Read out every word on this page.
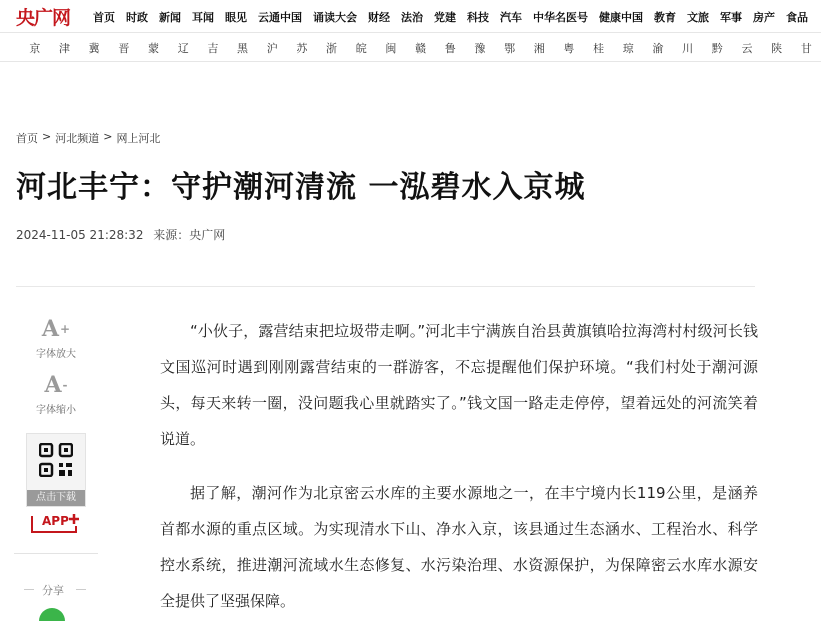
央广网 首页 时政 新闻 耳闻 眼见 云通中国 诵读大会 财经 法治 党建 科技 汽车 中华名医号 健康中国 教育 文旅 军事 房产 食品
京	津	冀	晋	蒙	辽	吉	黑	沪	苏	浙	皖	闽	赣	鲁	豫	鄂	湘	粤	桂	琼	渝	川	黔	云	陕	甘
首页 > 河北频道 > 网上河北
河北丰宁：守护潮河清流 一泓碧水入京城
2024-11-05 21:28:32 来源：央广网
A+
字体放大
A-
字体缩小
点击下载
APP
分享

“小伙子，露营结束把垃圾带走啊。”河北丰宁满族自治县黄旗镇哈拉海湾村村级河长钱文国巡河时遇到刚刚露营结束的一群游客，不忘提醒他们保护环境。“我们村处于潮河源头，每天来转一圈，没问题我心里就踏实了。”钱文国一路走走停停，望着远处的河流笑着说道。

据了解，潮河作为北京密云水库的主要水源地之一，在丰宁境内长119公里，是涵养首都水源的重点区域。为实现清水下山、净水入京，该县通过生态涵水、工程治水、科学控水系统，推进潮河流域水生态修复、水污染治理、水资源保护，为保障密云水库水源安全提供了坚强保障。
